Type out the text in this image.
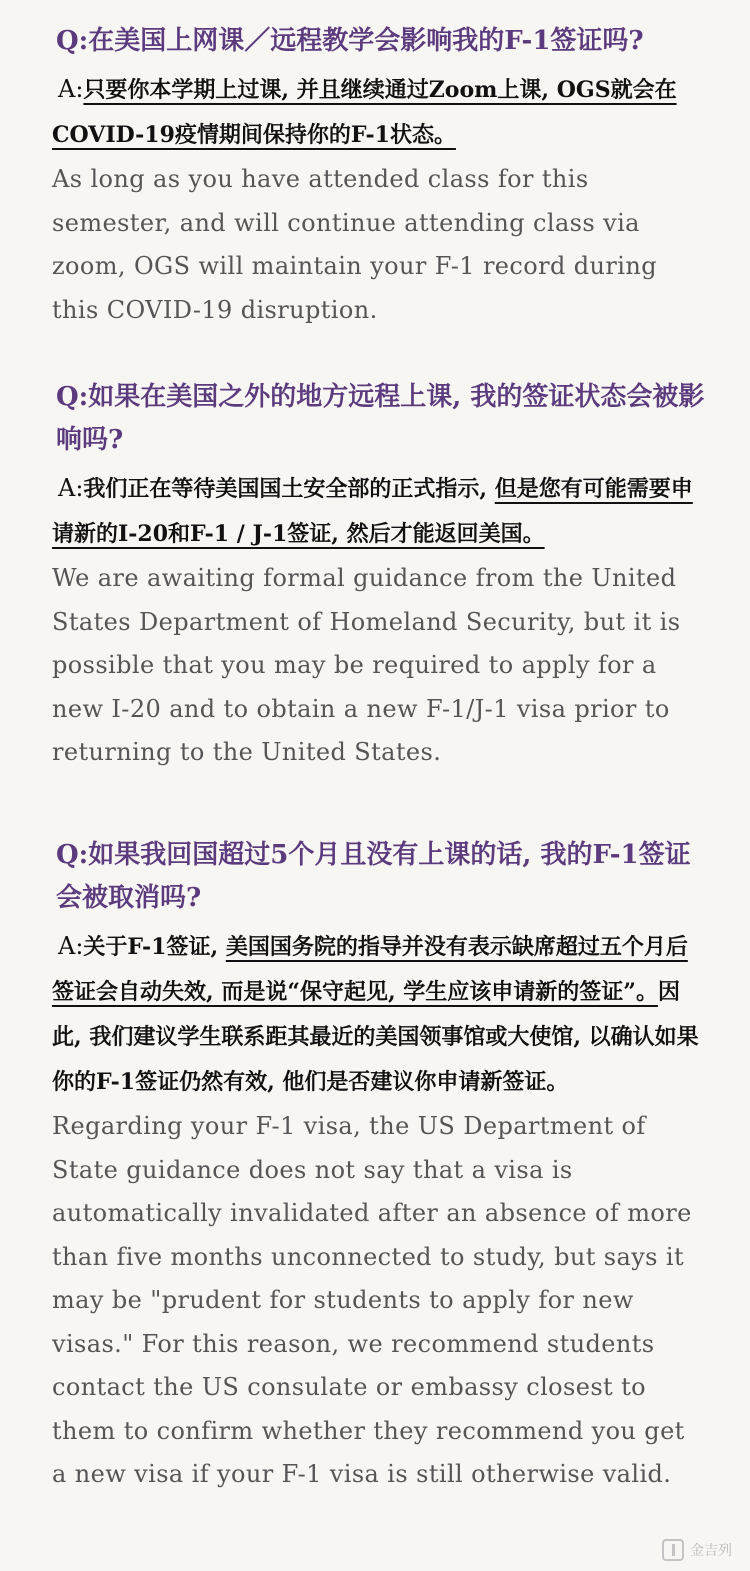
Q:在美国上网课／远程教学会影响我的F-1签证吗?

A:只要你本学期上过课, 并且继续通过Zoom上课, OGS就会在COVID-19疫情期间保持你的F-1状态。

As long as you have attended class for this semester, and will continue attending class via zoom, OGS will maintain your F-1 record during this COVID-19 disruption.

Q:如果在美国之外的地方远程上课, 我的签证状态会被影响吗?

A:我们正在等待美国国土安全部的正式指示, 但是您有可能需要申请新的I-20和F-1 / J-1签证, 然后才能返回美国。

We are awaiting formal guidance from the United States Department of Homeland Security, but it is possible that you may be required to apply for a new I-20 and to obtain a new F-1/J-1 visa prior to returning to the United States.

Q:如果我回国超过5个月且没有上课的话, 我的F-1签证会被取消吗?

A:关于F-1签证, 美国国务院的指导并没有表示缺席超过五个月后签证会自动失效, 而是说“保守起见, 学生应该申请新的签证”。因此, 我们建议学生联系距其最近的美国领事馆或大使馆, 以确认如果你的F-1签证仍然有效, 他们是否建议你申请新签证。

Regarding your F-1 visa, the US Department of State guidance does not say that a visa is automatically invalidated after an absence of more than five months unconnected to study, but says it may be "prudent for students to apply for new visas." For this reason, we recommend students contact the US consulate or embassy closest to them to confirm whether they recommend you get a new visa if your F-1 visa is still otherwise valid.

金吉列
